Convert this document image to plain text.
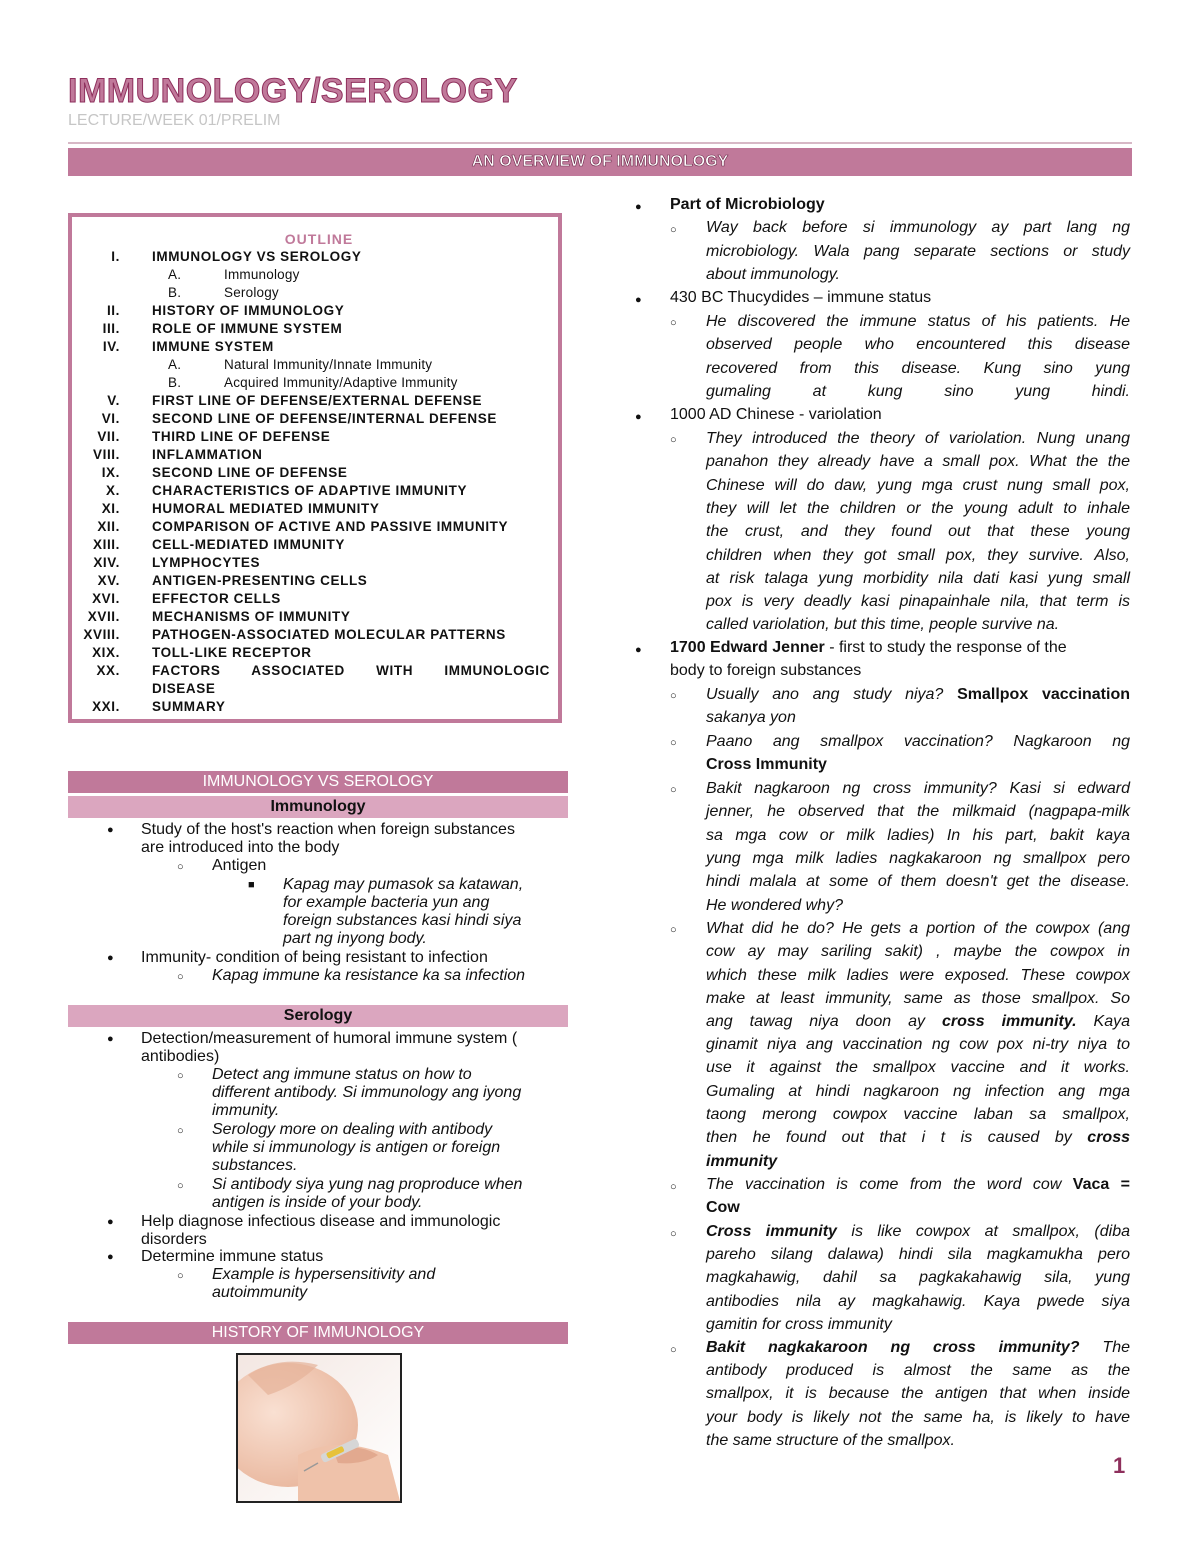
IMMUNOLOGY/SEROLOGY
LECTURE/WEEK 01/PRELIM
AN OVERVIEW OF IMMUNOLOGY
OUTLINE
I. IMMUNOLOGY VS SEROLOGY
A.	Immunology
B.	Serology
II. HISTORY OF IMMUNOLOGY
III. ROLE OF IMMUNE SYSTEM
IV. IMMUNE SYSTEM
A.	Natural Immunity/Innate Immunity
B.	Acquired Immunity/Adaptive Immunity
V. FIRST LINE OF DEFENSE/EXTERNAL DEFENSE
VI. SECOND LINE OF DEFENSE/INTERNAL DEFENSE
VII. THIRD LINE OF DEFENSE
VIII. INFLAMMATION
IX. SECOND LINE OF DEFENSE
X. CHARACTERISTICS OF ADAPTIVE IMMUNITY
XI. HUMORAL MEDIATED IMMUNITY
XII. COMPARISON OF ACTIVE AND PASSIVE IMMUNITY
XIII. CELL-MEDIATED IMMUNITY
XIV. LYMPHOCYTES
XV. ANTIGEN-PRESENTING CELLS
XVI. EFFECTOR CELLS
XVII. MECHANISMS OF IMMUNITY
XVIII. PATHOGEN-ASSOCIATED MOLECULAR PATTERNS
XIX. TOLL-LIKE RECEPTOR
XX. FACTORS ASSOCIATED WITH IMMUNOLOGIC
DISEASE
XXI. SUMMARY
IMMUNOLOGY VS SEROLOGY
Immunology
● Study of the host's reaction when foreign substances
are introduced into the body
○ Antigen
■ Kapag may pumasok sa katawan,
for example bacteria yun ang
foreign substances kasi hindi siya
part ng inyong body.
● Immunity- condition of being resistant to infection
○ Kapag immune ka resistance ka sa infection
Serology
● Detection/measurement of humoral immune system (
antibodies)
○ Detect ang immune status on how to
different antibody. Si immunology ang iyong
immunity.
○ Serology more on dealing with antibody
while si immunology is antigen or foreign
substances.
○ Si antibody siya yung nag proproduce when
antigen is inside of your body.
● Help diagnose infectious disease and immunologic
disorders
● Determine immune status
○ Example is hypersensitivity and
autoimmunity
HISTORY OF IMMUNOLOGY
● Part of Microbiology
○ Way back before si immunology ay part lang ng
microbiology. Wala pang separate sections or study
about immunology.
● 430 BC Thucydides – immune status
○
● 1000 AD Chinese - variolation
○
● 1700 Edward Jenner - first to study the response of the
body to foreign substances
○ Usually ano ang study niya? Smallpox vaccination
sakanya yon
○ Paano ang smallpox vaccination? Nagkaroon ng
Cross Immunity
○
○
ang tawag niya doon ay cross immunity. Kaya
then he found out that i t is caused by cross
immunity
○ The vaccination is come from the word cow Vaca =
Cow
○ Cross immunity is like cowpox at smallpox, (diba
○ Bakit nagkakaroon ng cross immunity? The
1
He discovered the immune status of his patients. He
observed people who encountered this disease
recovered from this disease. Kung sino yung
gumaling at kung sino yung hindi.
They introduced the theory of variolation. Nung unang
panahon they already have a small pox. What the the
Chinese will do daw, yung mga crust nung small pox,
they will let the children or the young adult to inhale
the crust, and they found out that these young
children when they got small pox, they survive. Also,
at risk talaga yung morbidity nila dati kasi yung small
pox is very deadly kasi pinapainhale nila, that term is
called variolation, but this time, people survive na.
Bakit nagkaroon ng cross immunity? Kasi si edward
jenner, he observed that the milkmaid (nagpapa-milk
sa mga cow or milk ladies) In his part, bakit kaya
yung mga milk ladies nagkakaroon ng smallpox pero
hindi malala at some of them doesn't get the disease.
He wondered why?
What did he do? He gets a portion of the cowpox (ang
cow ay may sariling sakit) , maybe the cowpox in
which these milk ladies were exposed. These cowpox
make at least immunity, same as those smallpox. So
ginamit niya ang vaccination ng cow pox ni-try niya to
use it against the smallpox vaccine and it works.
Gumaling at hindi nagkaroon ng infection ang mga
taong merong cowpox vaccine laban sa smallpox,
pareho silang dalawa) hindi sila magkamukha pero
magkahawig, dahil sa pagkakahawig sila, yung
antibodies nila ay magkahawig. Kaya pwede siya
gamitin for cross immunity
antibody produced is almost the same as the
smallpox, it is because the antigen that when inside
your body is likely not the same ha, is likely to have
the same structure of the smallpox.
